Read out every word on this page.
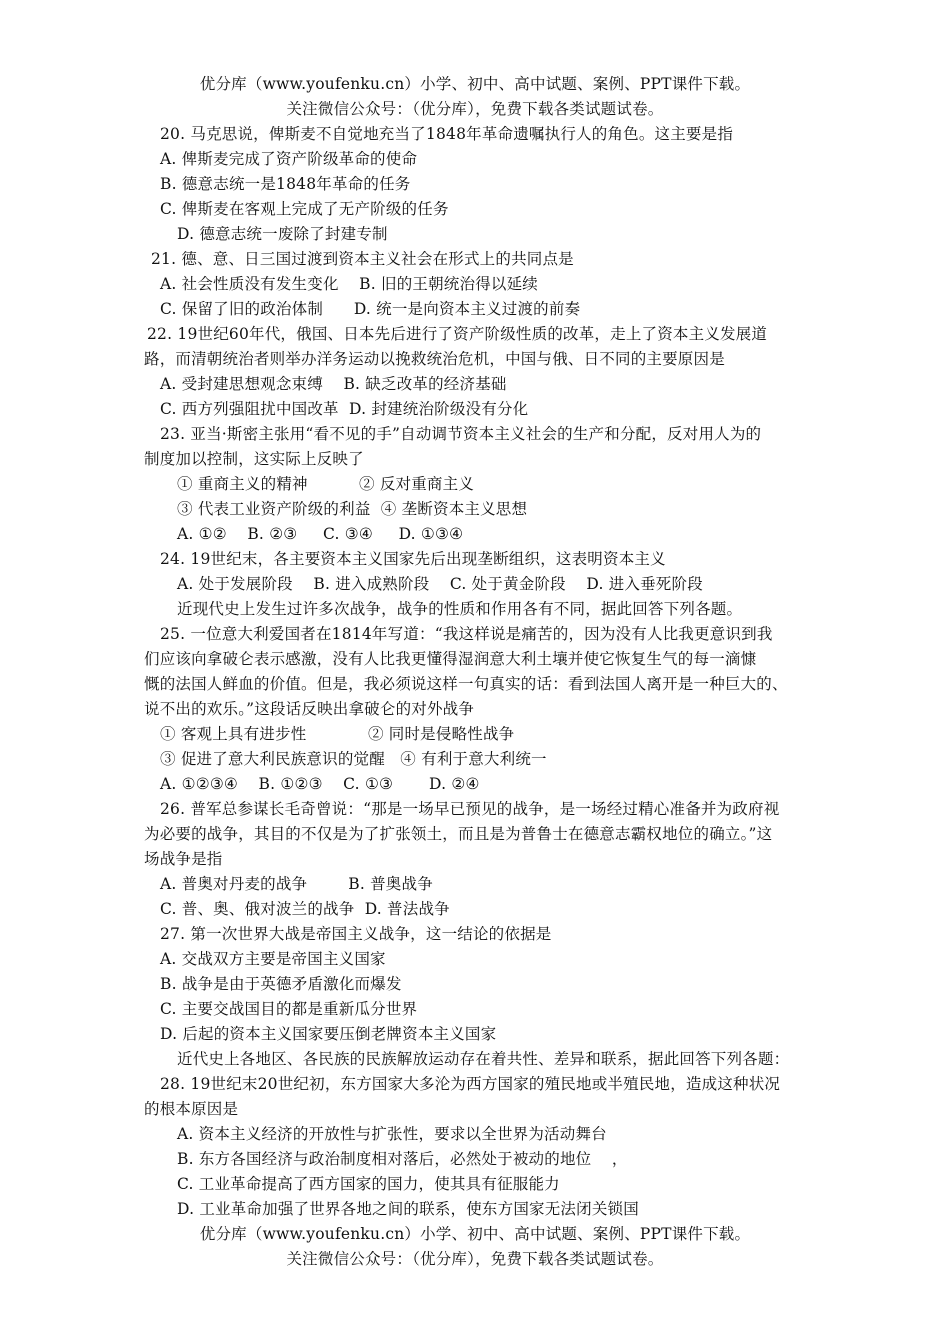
优分库（www.youfenku.cn）小学、初中、高中试题、案例、PPT课件下载。
关注微信公众号：（优分库），免费下载各类试题试卷。
20. 马克思说，俾斯麦不自觉地充当了1848年革命遗嘱执行人的角色。这主要是指
A. 俾斯麦完成了资产阶级革命的使命
B. 德意志统一是1848年革命的任务
C. 俾斯麦在客观上完成了无产阶级的任务
D. 德意志统一废除了封建专制
21. 德、意、日三国过渡到资本主义社会在形式上的共同点是
A. 社会性质没有发生变化    B. 旧的王朝统治得以延续
C. 保留了旧的政治体制      D. 统一是向资本主义过渡的前奏
22. 19世纪60年代，俄国、日本先后进行了资产阶级性质的改革，走上了资本主义发展道
路，而清朝统治者则举办洋务运动以挽救统治危机，中国与俄、日不同的主要原因是
A. 受封建思想观念束缚    B. 缺乏改革的经济基础
C. 西方列强阻扰中国改革  D. 封建统治阶级没有分化
23. 亚当·斯密主张用“看不见的手”自动调节资本主义社会的生产和分配，反对用人为的
制度加以控制，这实际上反映了
① 重商主义的精神          ② 反对重商主义
③ 代表工业资产阶级的利益  ④ 垄断资本主义思想
A. ①②    B. ②③     C. ③④     D. ①③④
24. 19世纪末，各主要资本主义国家先后出现垄断组织，这表明资本主义
A. 处于发展阶段    B. 进入成熟阶段    C. 处于黄金阶段    D. 进入垂死阶段
近现代史上发生过许多次战争，战争的性质和作用各有不同，据此回答下列各题。
25. 一位意大利爱国者在1814年写道：“我这样说是痛苦的，因为没有人比我更意识到我
们应该向拿破仑表示感激，没有人比我更懂得湿润意大利土壤并使它恢复生气的每一滴慷
慨的法国人鲜血的价值。但是，我必须说这样一句真实的话：看到法国人离开是一种巨大的、
说不出的欢乐。”这段话反映出拿破仑的对外战争
① 客观上具有进步性            ② 同时是侵略性战争
③ 促进了意大利民族意识的觉醒   ④ 有利于意大利统一
A. ①②③④    B. ①②③    C. ①③       D. ②④
26. 普军总参谋长毛奇曾说：“那是一场早已预见的战争，是一场经过精心准备并为政府视
为必要的战争，其目的不仅是为了扩张领土，而且是为普鲁士在德意志霸权地位的确立。”这
场战争是指
A. 普奥对丹麦的战争        B. 普奥战争
C. 普、奥、俄对波兰的战争  D. 普法战争
27. 第一次世界大战是帝国主义战争，这一结论的依据是
A. 交战双方主要是帝国主义国家
B. 战争是由于英德矛盾激化而爆发
C. 主要交战国目的都是重新瓜分世界
D. 后起的资本主义国家要压倒老牌资本主义国家
近代史上各地区、各民族的民族解放运动存在着共性、差异和联系，据此回答下列各题：
28. 19世纪末20世纪初，东方国家大多沦为西方国家的殖民地或半殖民地，造成这种状况
的根本原因是
A. 资本主义经济的开放性与扩张性，要求以全世界为活动舞台
B. 东方各国经济与政治制度相对落后，必然处于被动的地位    ，
C. 工业革命提高了西方国家的国力，使其具有征服能力
D. 工业革命加强了世界各地之间的联系，使东方国家无法闭关锁国
优分库（www.youfenku.cn）小学、初中、高中试题、案例、PPT课件下载。
关注微信公众号：（优分库），免费下载各类试题试卷。
